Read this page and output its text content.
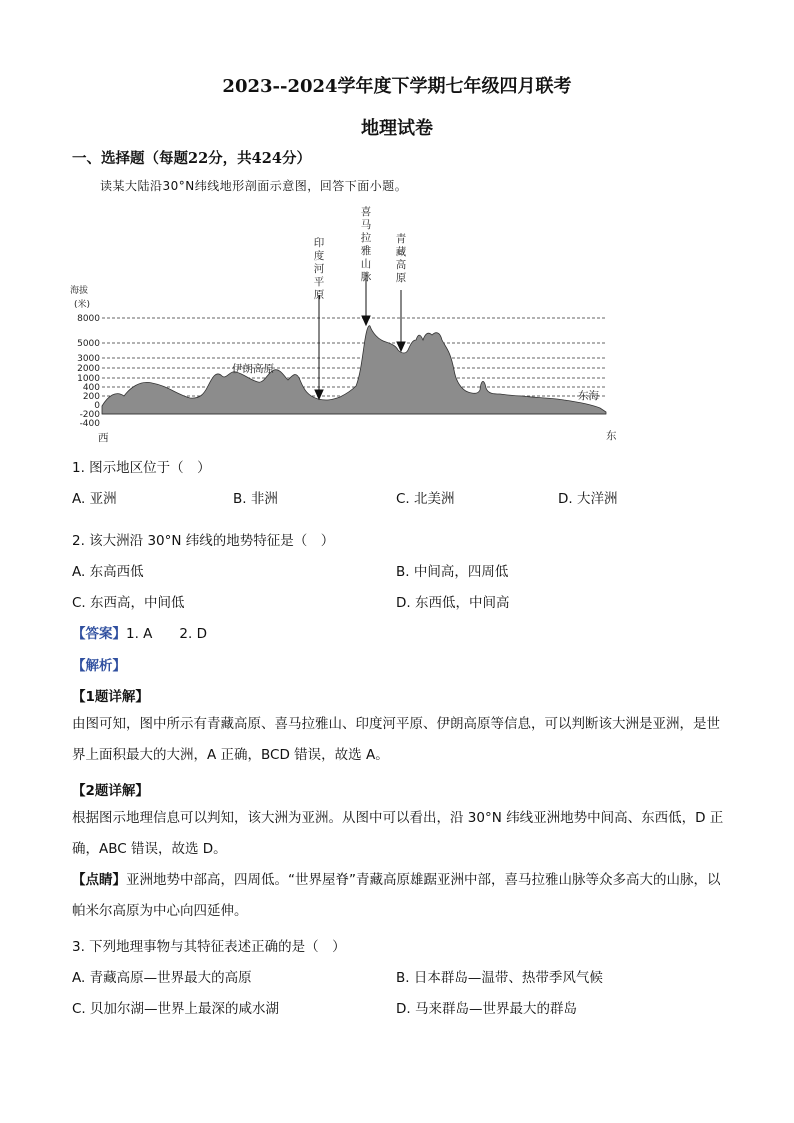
2023--2024学年度下学期七年级四月联考
地理试卷
一、选择题（每题22分，共424分）
读某大陆沿30°N纬线地形剖面示意图，回答下面小题。
海拔
(米)
8000
5000
3000
2000
1000
400
200
0
-200
-400
印
度
河
平
原
喜
马
拉
雅
山
脉
青
藏
高
原
伊朗高原
东海
西	东
1. 图示地区位于（　）
A. 亚洲	B. 非洲	C. 北美洲	D. 大洋洲
2. 该大洲沿 30°N 纬线的地势特征是（　）
A. 东高西低	B. 中间高，四周低
C. 东西高，中间低	D. 东西低，中间高
【答案】1. A　　2. D
【解析】
【1题详解】
由图可知，图中所示有青藏高原、喜马拉雅山、印度河平原、伊朗高原等信息，可以判断该大洲是亚洲，是世界上面积最大的大洲，A 正确，BCD 错误，故选 A。
【2题详解】
根据图示地理信息可以判知，该大洲为亚洲。从图中可以看出，沿 30°N 纬线亚洲地势中间高、东西低，D 正确，ABC 错误，故选 D。
【点睛】亚洲地势中部高，四周低。“世界屋脊”青藏高原雄踞亚洲中部，喜马拉雅山脉等众多高大的山脉，以帕米尔高原为中心向四延伸。
3. 下列地理事物与其特征表述正确的是（　）
A. 青藏高原—世界最大的高原	B. 日本群岛—温带、热带季风气候
C. 贝加尔湖—世界上最深的咸水湖	D. 马来群岛—世界最大的群岛
